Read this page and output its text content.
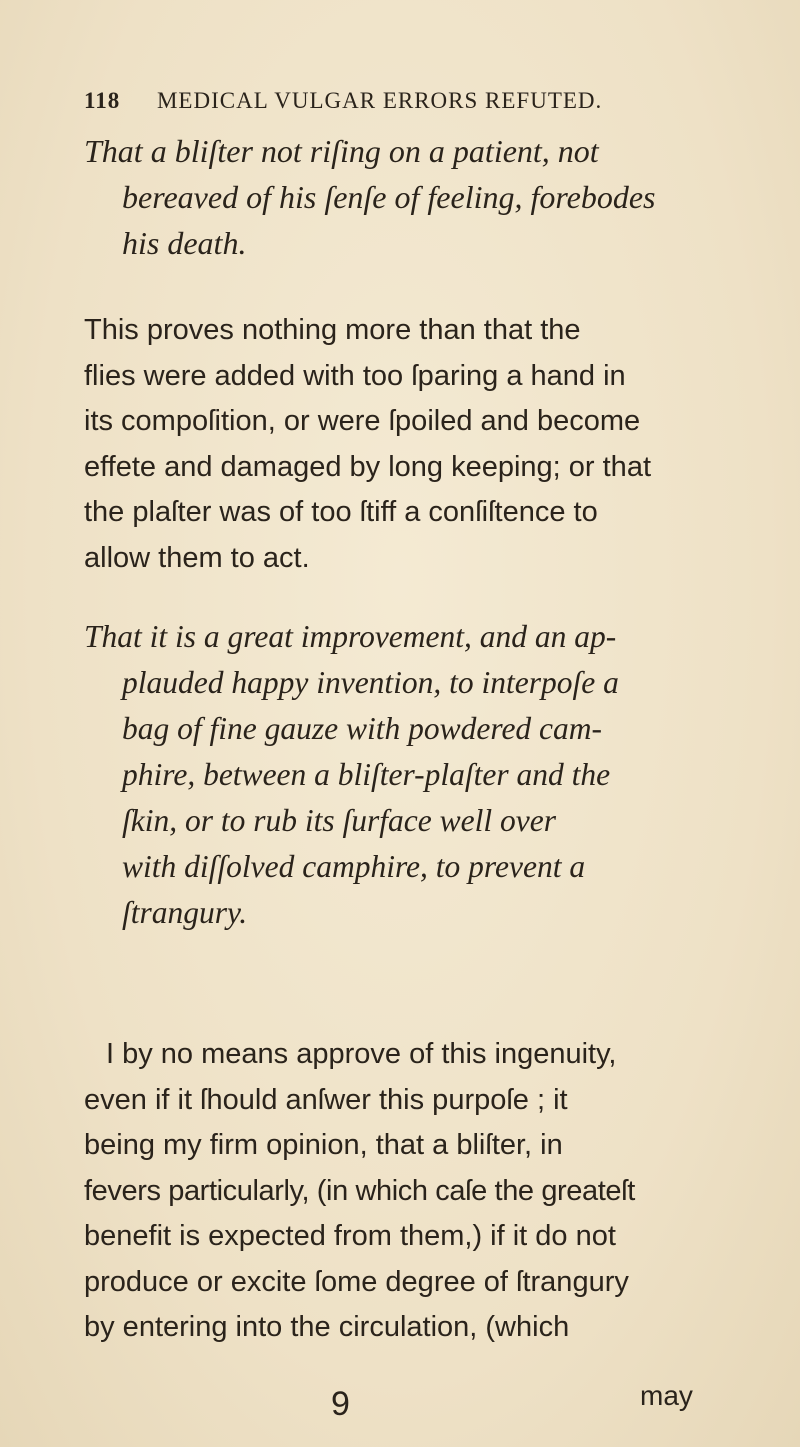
118 MEDICAL VULGAR ERRORS REFUTED.

That a bliſter not riſing on a patient, not

bereaved of his ſenſe of feeling, forebodes

his death.

This proves nothing more than that the

flies were added with too ſparing a hand in

its compoſition, or were ſpoiled and become

effete and damaged by long keeping; or that

the plaſter was of too ſtiff a conſiſtence to

allow them to act.

That it is a great improvement, and an ap-

plauded happy invention, to interpoſe a

bag of fine gauze with powdered cam-

phire, between a bliſter-plaſter and the

ſkin, or to rub its ſurface well over

with diſſolved camphire, to prevent a

ſtrangury.

I by no means approve of this ingenuity,

even if it ſhould anſwer this purpoſe ; it

being my firm opinion, that a bliſter, in

fevers particularly, (in which caſe the greateſt

benefit is expected from them,) if it do not

produce or excite ſome degree of ſtrangury

by entering into the circulation, (which

9	may
